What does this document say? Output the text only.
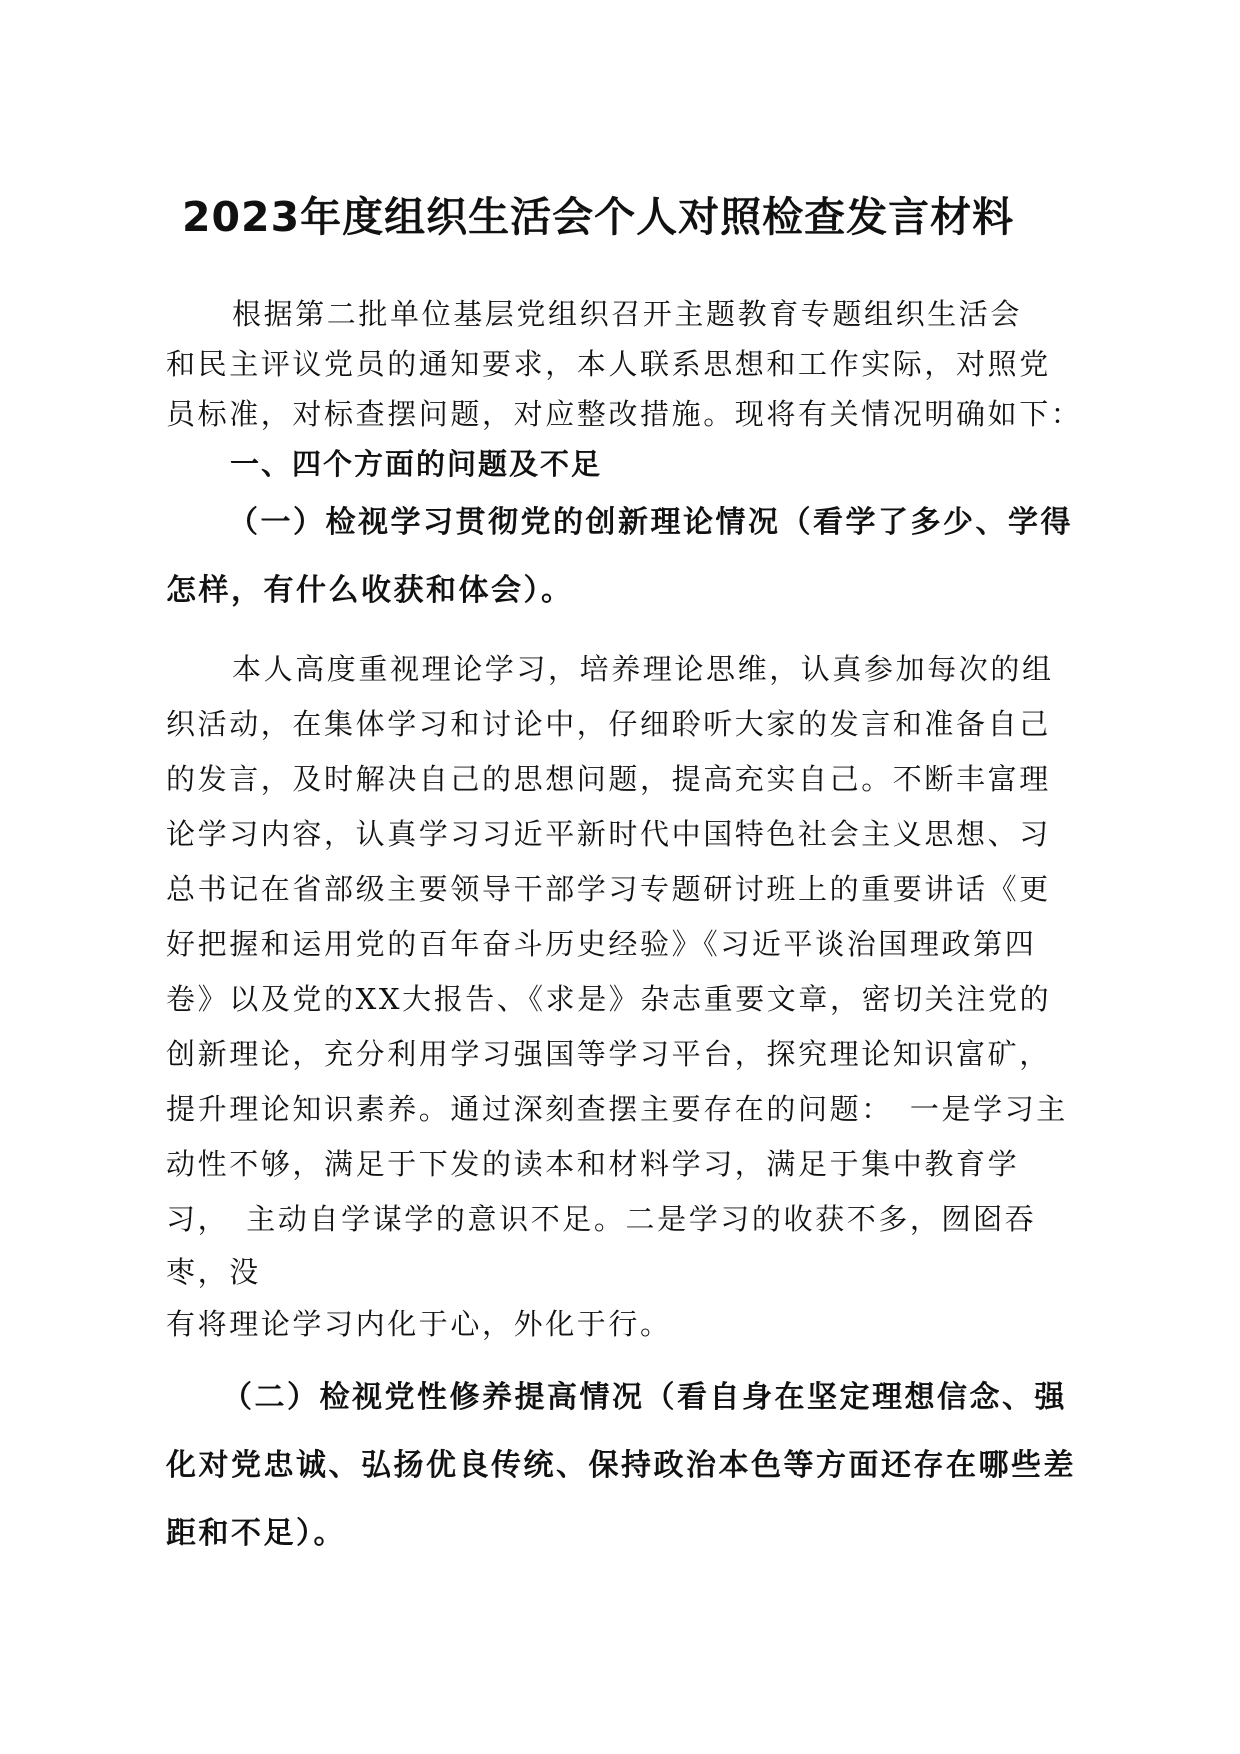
2023年度组织生活会个人对照检查发言材料

根据第二批单位基层党组织召开主题教育专题组织生活会

和民主评议党员的通知要求，本人联系思想和工作实际，对照党

员标准，对标查摆问题，对应整改措施。现将有关情况明确如下：

一、四个方面的问题及不足
（一）检视学习贯彻党的创新理论情况（看学了多少、学得
怎样，有什么收获和体会）。

本人高度重视理论学习，培养理论思维，认真参加每次的组

织活动，在集体学习和讨论中，仔细聆听大家的发言和准备自己

的发言，及时解决自己的思想问题，提高充实自己。不断丰富理

论学习内容，认真学习习近平新时代中国特色社会主义思想、习

总书记在省部级主要领导干部学习专题研讨班上的重要讲话《更

好把握和运用党的百年奋斗历史经验》《习近平谈治国理政第四

卷》以及党的XX大报告、《求是》杂志重要文章，密切关注党的

创新理论，充分利用学习强国等学习平台，探究理论知识富矿，

提升理论知识素养。通过深刻查摆主要存在的问题：　一是学习主

动性不够，满足于下发的读本和材料学习，满足于集中教育学

习，　主动自学谋学的意识不足。二是学习的收获不多，囫囵吞

枣，没

有将理论学习内化于心，外化于行。

（二）检视党性修养提高情况（看自身在坚定理想信念、强
化对党忠诚、弘扬优良传统、保持政治本色等方面还存在哪些差
距和不足）。
